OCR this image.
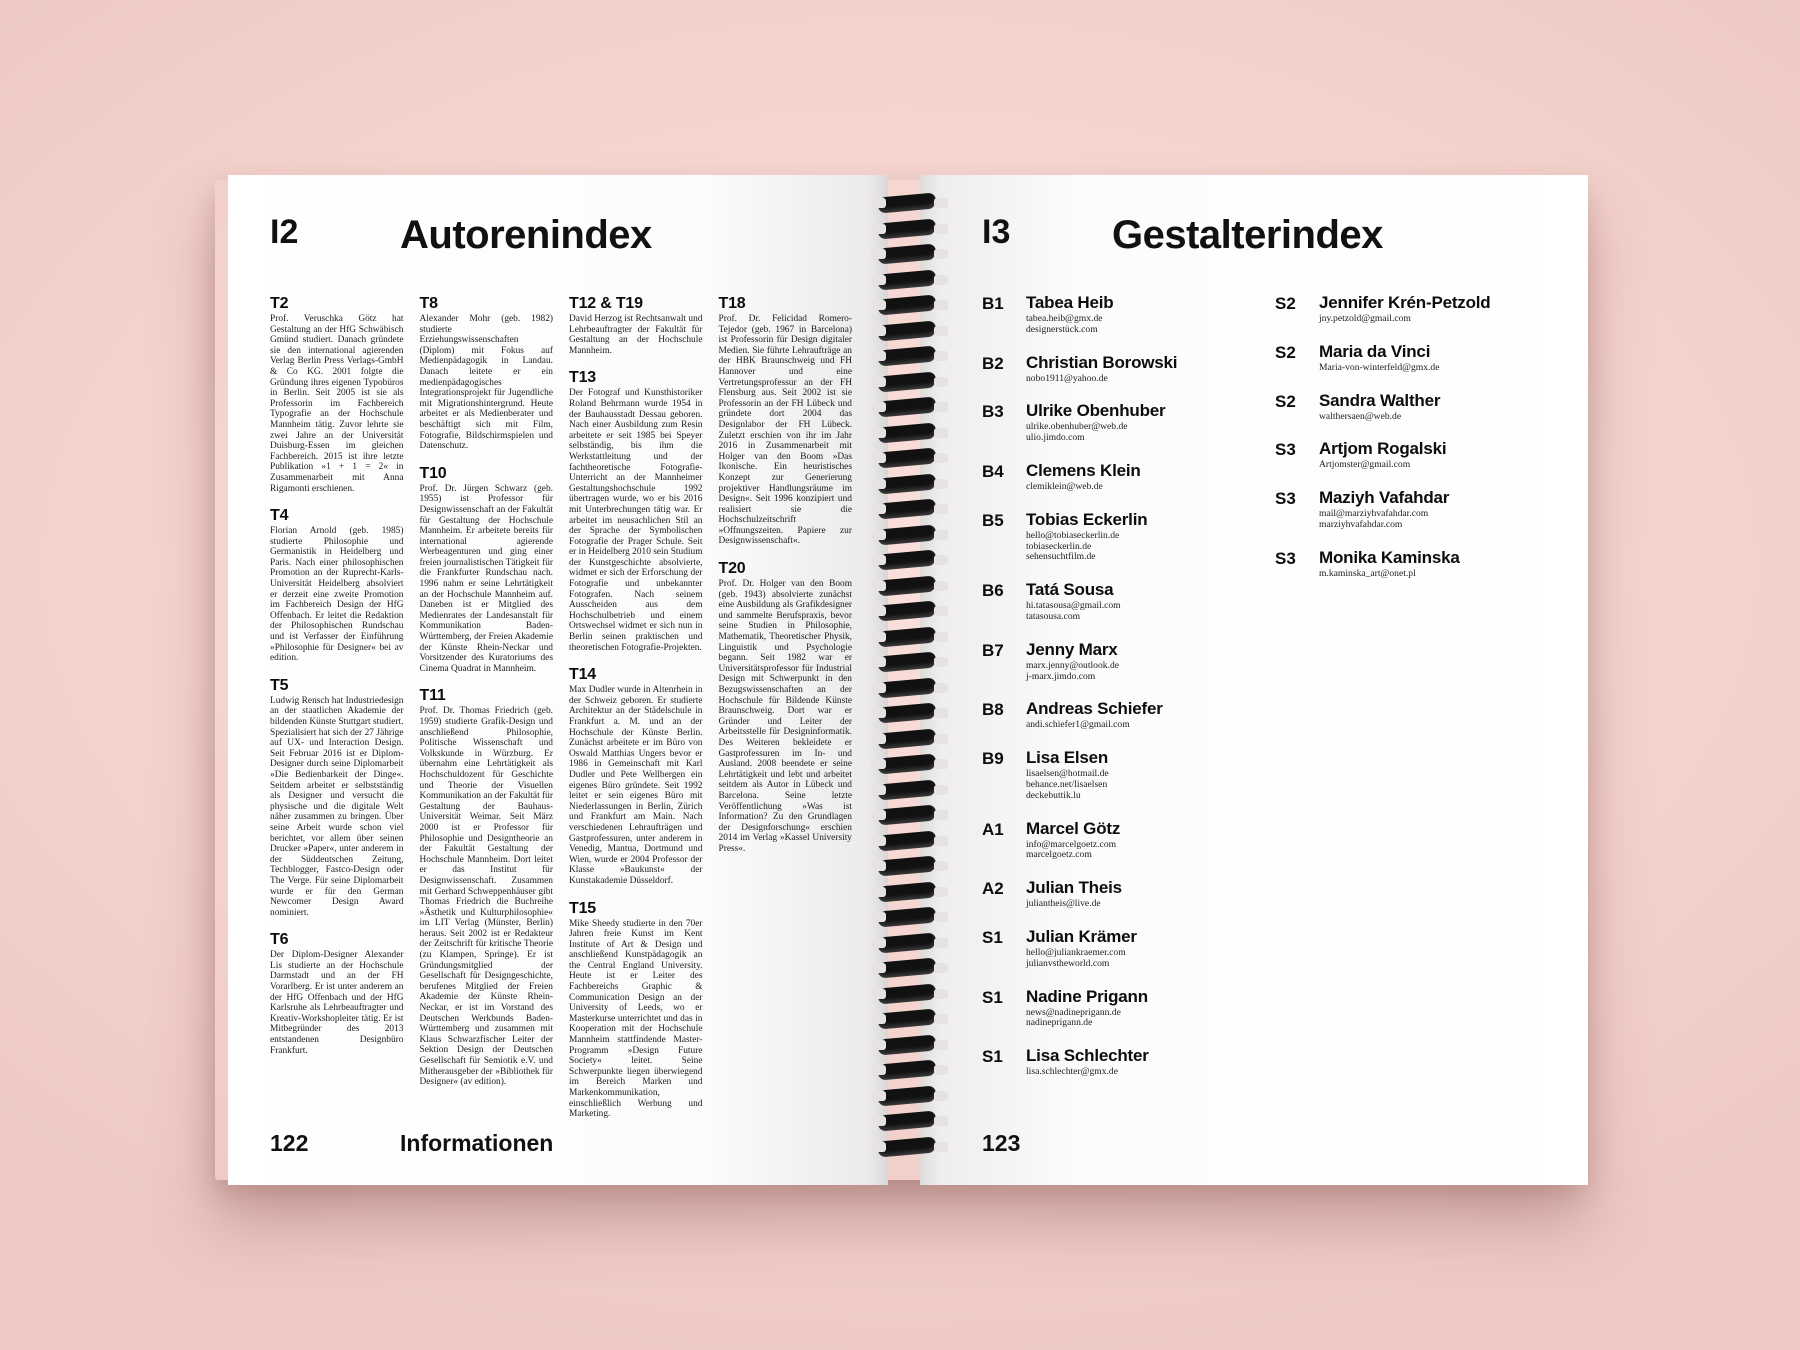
I2	Autorenindex
T2
Prof. Veruschka Götz hat Gestaltung an der HfG Schwäbisch Gmünd studiert. Danach gründete sie den international agierenden Verlag Berlin Press Verlags-GmbH & Co KG. 2001 folgte die Gründung ihres eigenen Typobüros in Berlin. Seit 2005 ist sie als Professorin im Fachbereich Typografie an der Hochschule Mannheim tätig. Zuvor lehrte sie zwei Jahre an der Universität Duisburg-Essen im gleichen Fachbereich. 2015 ist ihre letzte Publikation »1 + 1 = 2« in Zusammenarbeit mit Anna Rigamonti erschienen.
T4
Florian Arnold (geb. 1985) studierte Philosophie und Germanistik in Heidelberg und Paris. Nach einer philosophischen Promotion an der Ruprecht-Karls-Universität Heidelberg absolviert er derzeit eine zweite Promotion im Fachbereich Design der HfG Offenbach. Er leitet die Redaktion der Philosophischen Rundschau und ist Verfasser der Einführung »Philosophie für Designer« bei av edition.
T5
Ludwig Rensch hat Industriedesign an der staatlichen Akademie der bildenden Künste Stuttgart studiert. Spezialisiert hat sich der 27 Jährige auf UX- und Interaction Design. Seit Februar 2016 ist er Diplom-Designer durch seine Diplomarbeit »Die Bedienbarkeit der Dinge«. Seitdem arbeitet er selbstständig als Designer und versucht die physische und die digitale Welt näher zusammen zu bringen. Über seine Arbeit wurde schon viel berichtet, vor allem über seinen Drucker »Paper«, unter anderem in der Süddeutschen Zeitung, Techblogger, Fastco-Design oder The Verge. Für seine Diplomarbeit wurde er für den German Newcomer Design Award nominiert.
T6
Der Diplom-Designer Alexander Lis studierte an der Hochschule Darmstadt und an der FH Vorarlberg. Er ist unter anderem an der HfG Offenbach und der HfG Karlsruhe als Lehrbeauftragter und Kreativ-Workshopleiter tätig. Er ist Mitbegründer des 2013 entstandenen Designbüro Frankfurt.
T8
Alexander Mohr (geb. 1982) studierte Erziehungswissenschaften (Diplom) mit Fokus auf Medienpädagogik in Landau. Danach leitete er ein medienpädagogisches Integrationsprojekt für Jugendliche mit Migrationshintergrund. Heute arbeitet er als Medienberater und beschäftigt sich mit Film, Fotografie, Bildschirmspielen und Datenschutz.
T10
Prof. Dr. Jürgen Schwarz (geb. 1955) ist Professor für Designwissenschaft an der Fakultät für Gestaltung der Hochschule Mannheim. Er arbeitete bereits für international agierende Werbeagenturen und ging einer freien journalistischen Tätigkeit für die Frankfurter Rundschau nach. 1996 nahm er seine Lehrtätigkeit an der Hochschule Mannheim auf. Daneben ist er Mitglied des Medienrates der Landesanstalt für Kommunikation Baden-Württemberg, der Freien Akademie der Künste Rhein-Neckar und Vorsitzender des Kuratoriums des Cinema Quadrat in Mannheim.
T11
Prof. Dr. Thomas Friedrich (geb. 1959) studierte Grafik-Design und anschließend Philosophie, Politische Wissenschaft und Volkskunde in Würzburg. Er übernahm eine Lehrtätigkeit als Hochschuldozent für Geschichte und Theorie der Visuellen Kommunikation an der Fakultät für Gestaltung der Bauhaus-Universität Weimar. Seit März 2000 ist er Professor für Philosophie und Designtheorie an der Fakultät Gestaltung der Hochschule Mannheim. Dort leitet er das Institut für Designwissenschaft. Zusammen mit Gerhard Schweppenhäuser gibt Thomas Friedrich die Buchreihe »Ästhetik und Kulturphilosophie« im LIT Verlag (Münster, Berlin) heraus. Seit 2002 ist er Redakteur der Zeitschrift für kritische Theorie (zu Klampen, Springe). Er ist Gründungsmitglied der Gesellschaft für Designgeschichte, berufenes Mitglied der Freien Akademie der Künste Rhein-Neckar, er ist im Vorstand des Deutschen Werkbunds Baden-Württemberg und zusammen mit Klaus Schwarzfischer Leiter der Sektion Design der Deutschen Gesellschaft für Semiotik e.V. und Mitherausgeber der »Bibliothek für Designer« (av edition).
T12 & T19
David Herzog ist Rechtsanwalt und Lehrbeauftragter der Fakultät für Gestaltung an der Hochschule Mannheim.
T13
Der Fotograf und Kunsthistoriker Roland Behrmann wurde 1954 in der Bauhausstadt Dessau geboren. Nach einer Ausbildung zum Resin arbeitete er seit 1985 bei Speyer selbständig, bis ihm die Werkstattleitung und der fachtheoretische Fotografie-Unterricht an der Mannheimer Gestaltungshochschule 1992 übertragen wurde, wo er bis 2016 mit Unterbrechungen tätig war. Er arbeitet im neusachlichen Stil an der Sprache der Symbolischen Fotografie der Prager Schule. Seit er in Heidelberg 2010 sein Studium der Kunstgeschichte absolvierte, widmet er sich der Erforschung der Fotografie und unbekannter Fotografen. Nach seinem Ausscheiden aus dem Hochschulbetrieb und einem Ortswechsel widmet er sich nun in Berlin seinen praktischen und theoretischen Fotografie-Projekten.
T14
Max Dudler wurde in Altenrhein in der Schweiz geboren. Er studierte Architektur an der Städelschule in Frankfurt a. M. und an der Hochschule der Künste Berlin. Zunächst arbeitete er im Büro von Oswald Matthias Ungers bevor er 1986 in Gemeinschaft mit Karl Dudler und Pete Wellbergen ein eigenes Büro gründete. Seit 1992 leitet er sein eigenes Büro mit Niederlassungen in Berlin, Zürich und Frankfurt am Main. Nach verschiedenen Lehraufträgen und Gastprofessuren, unter anderem in Venedig, Mantua, Dortmund und Wien, wurde er 2004 Professor der Klasse »Baukunst« der Kunstakademie Düsseldorf.
T15
Mike Sheedy studierte in den 70er Jahren freie Kunst im Kent Institute of Art & Design und anschließend Kunstpädagogik an the Central England University. Heute ist er Leiter des Fachbereichs Graphic & Communication Design an der University of Leeds, wo er Masterkurse unterrichtet und das in Kooperation mit der Hochschule Mannheim stattfindende Master-Programm »Design Future Society« leitet. Seine Schwerpunkte liegen überwiegend im Bereich Marken und Markenkommunikation, einschließlich Werbung und Marketing.
T18
Prof. Dr. Felicidad Romero-Tejedor (geb. 1967 in Barcelona) ist Professorin für Design digitaler Medien. Sie führte Lehraufträge an der HBK Braunschweig und FH Hannover und eine Vertretungsprofessur an der FH Flensburg aus. Seit 2002 ist sie Professorin an der FH Lübeck und gründete dort 2004 das Designlabor der FH Lübeck. Zuletzt erschien von ihr im Jahr 2016 in Zusammenarbeit mit Holger van den Boom »Das Ikonische. Ein heuristisches Konzept zur Generierung projektiver Handlungsräume im Design«. Seit 1996 konzipiert und realisiert sie die Hochschulzeitschrift »Offnungszeiten. Papiere zur Designwissenschaft«.
T20
Prof. Dr. Holger van den Boom (geb. 1943) absolvierte zunächst eine Ausbildung als Grafikdesigner und sammelte Berufspraxis, bevor seine Studien in Philosophie, Mathematik, Theoretischer Physik, Linguistik und Psychologie begann. Seit 1982 war er Universitätsprofessor für Industrial Design mit Schwerpunkt in den Bezugswissenschaften an der Hochschule für Bildende Künste Braunschweig. Dort war er Gründer und Leiter der Arbeitsstelle für Designinformatik. Des Weiteren bekleidete er Gastprofessuren im In- und Ausland. 2008 beendete er seine Lehrtätigkeit und lebt und arbeitet seitdem als Autor in Lübeck und Barcelona. Seine letzte Veröffentlichung »Was ist Information? Zu den Grundlagen der Designforschung« erschien 2014 im Verlag »Kassel University Press«.
122	Informationen
I3	Gestalterindex
B1	Tabea Heib
tabea.heib@gmx.de
designerstück.com
B2	Christian Borowski
nobo1911@yahoo.de
B3	Ulrike Obenhuber
ulrike.obenhuber@web.de
ulio.jimdo.com
B4	Clemens Klein
clemiklein@web.de
B5	Tobias Eckerlin
hello@tobiaseckerlin.de
tobiaseckerlin.de
sehensuchtfilm.de
B6	Tatá Sousa
hi.tatasousa@gmail.com
tatasousa.com
B7	Jenny Marx
marx.jenny@outlook.de
j-marx.jimdo.com
B8	Andreas Schiefer
andi.schiefer1@gmail.com
B9	Lisa Elsen
lisaelsen@hotmail.de
behance.net/lisaelsen
deckebuttik.lu
A1	Marcel Götz
info@marcelgoetz.com
marcelgoetz.com
A2	Julian Theis
juliantheis@live.de
S1	Julian Krämer
hello@juliankraemer.com
julianvstheworld.com
S1	Nadine Prigann
news@nadineprigann.de
nadineprigann.de
S1	Lisa Schlechter
lisa.schlechter@gmx.de
S2	Jennifer Krén-Petzold
jny.petzold@gmail.com
S2	Maria da Vinci
Maria-von-winterfeld@gmx.de
S2	Sandra Walther
walthersaen@web.de
S3	Artjom Rogalski
Artjomster@gmail.com
S3	Maziyh Vafahdar
mail@marziyhvafahdar.com
marziyhvafahdar.com
S3	Monika Kaminska
m.kaminska_art@onet.pl
123
